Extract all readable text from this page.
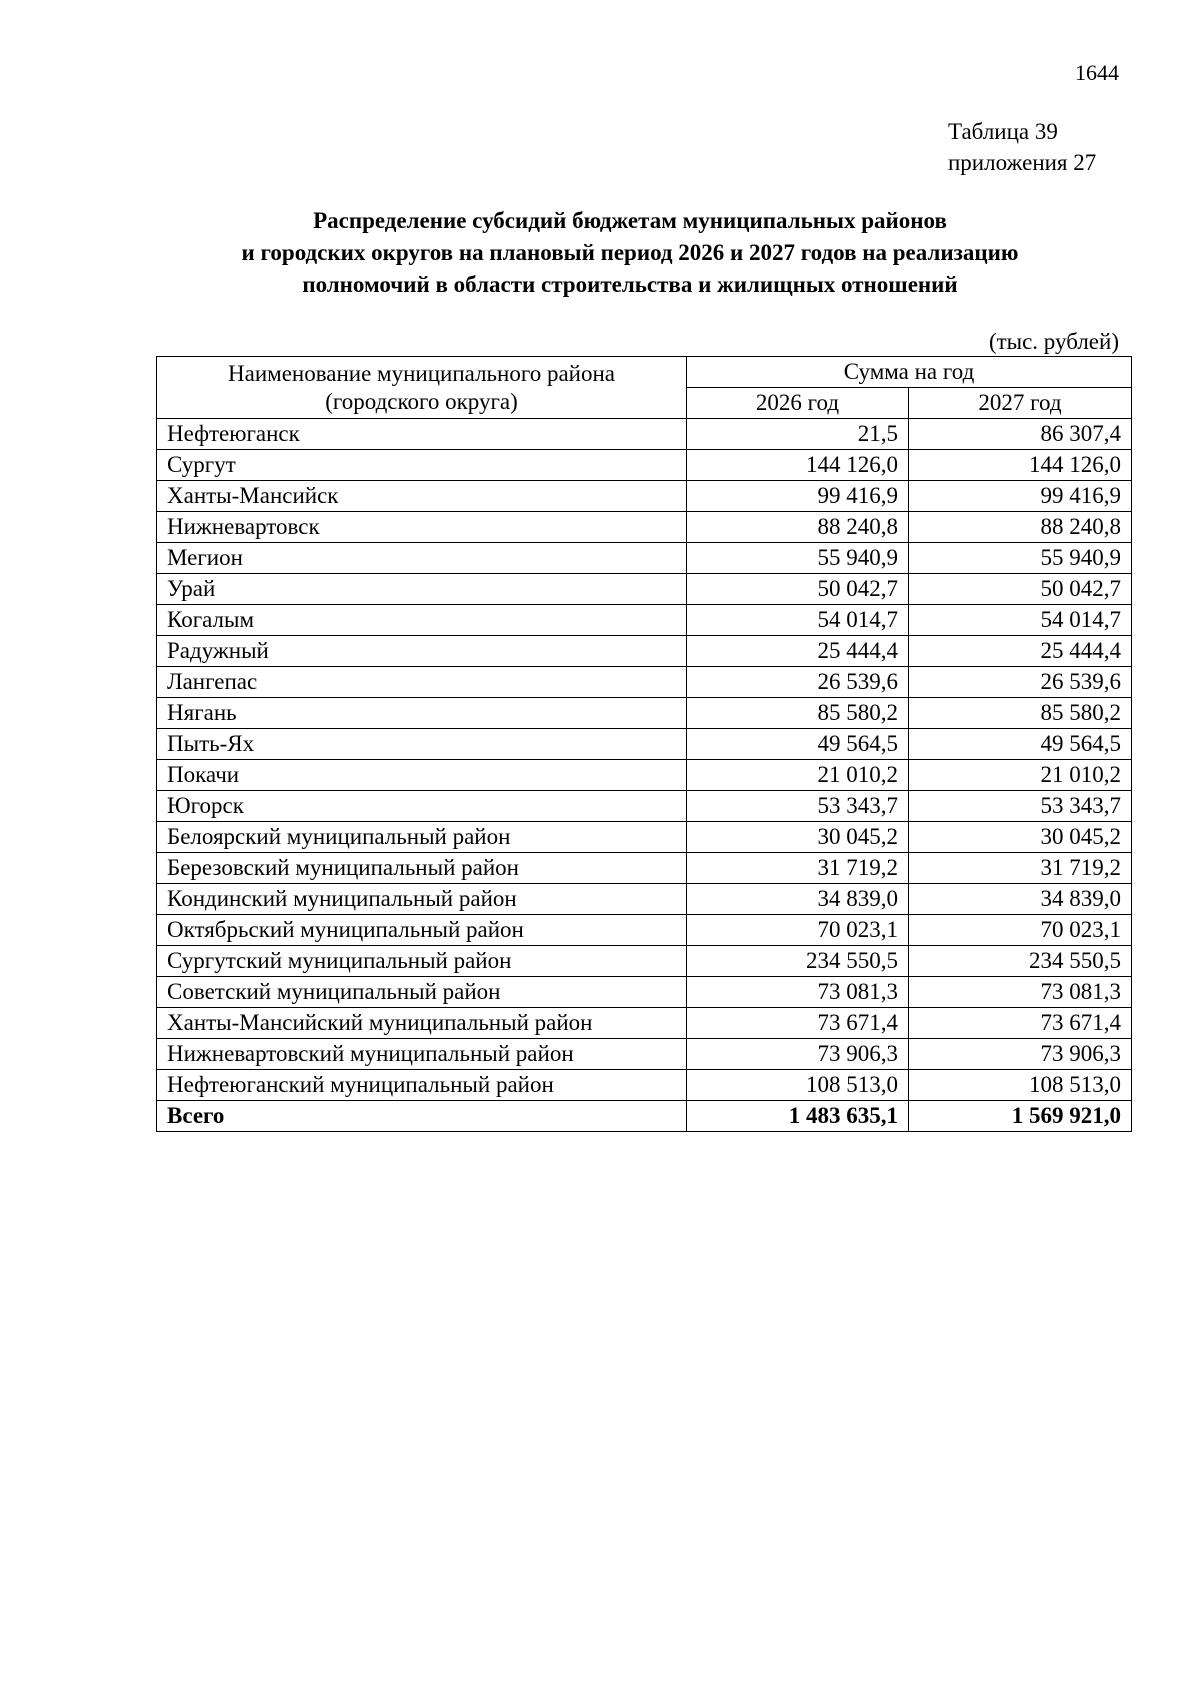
1644
Таблица 39
приложения 27
Распределение субсидий бюджетам муниципальных районов
и городских округов на плановый период 2026 и 2027 годов на реализацию
полномочий в области строительства и жилищных отношений
(тыс. рублей)
Наименование муниципального района
(городского округа)	Сумма на год	
	2026 год	2027 год
Нефтеюганск	21,5	86 307,4
Сургут	144 126,0	144 126,0
Ханты-Мансийск	99 416,9	99 416,9
Нижневартовск	88 240,8	88 240,8
Мегион	55 940,9	55 940,9
Урай	50 042,7	50 042,7
Когалым	54 014,7	54 014,7
Радужный	25 444,4	25 444,4
Лангепас	26 539,6	26 539,6
Нягань	85 580,2	85 580,2
Пыть-Ях	49 564,5	49 564,5
Покачи	21 010,2	21 010,2
Югорск	53 343,7	53 343,7
Белоярский муниципальный район	30 045,2	30 045,2
Березовский муниципальный район	31 719,2	31 719,2
Кондинский муниципальный район	34 839,0	34 839,0
Октябрьский муниципальный район	70 023,1	70 023,1
Сургутский муниципальный район	234 550,5	234 550,5
Советский муниципальный район	73 081,3	73 081,3
Ханты-Мансийский муниципальный район	73 671,4	73 671,4
Нижневартовский муниципальный район	73 906,3	73 906,3
Нефтеюганский муниципальный район	108 513,0	108 513,0
Всего	1 483 635,1	1 569 921,0
